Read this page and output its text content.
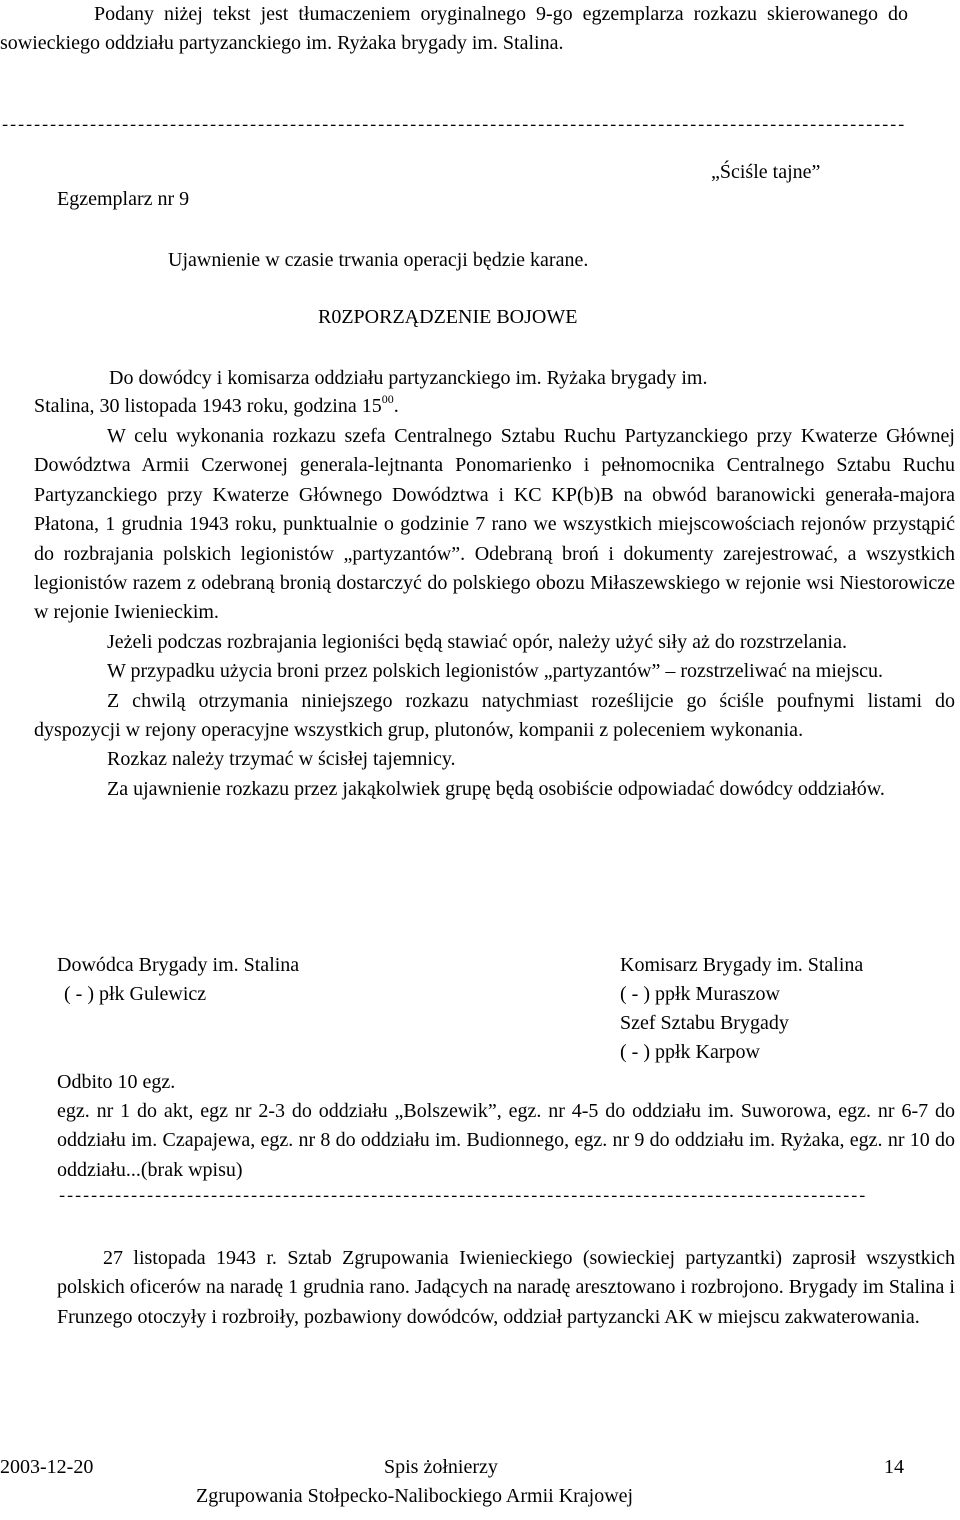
Podany niżej tekst jest tłumaczeniem oryginalnego 9-go egzemplarza rozkazu skierowanego do sowieckiego oddziału partyzanckiego im. Ryżaka brygady im. Stalina.
-----------------------------------------------------------------------------------------------------------------
Egzemplarz nr 9
„Ściśle tajne”
Ujawnienie w czasie trwania operacji będzie karane.
R0ZPORZĄDZENIE BOJOWE
Do dowódcy i komisarza oddziału partyzanckiego im. Ryżaka brygady im.
Stalina, 30 listopada 1943 roku, godzina $15^{00}$.

W celu wykonania rozkazu szefa Centralnego Sztabu Ruchu Partyzanckiego przy Kwaterze Głównej Dowództwa Armii Czerwonej generala-lejtnanta Ponomarienko i pełnomocnika Centralnego Sztabu Ruchu Partyzanckiego przy Kwaterze Głównego Dowództwa i KC KP(b)B na obwód baranowicki generała-majora Płatona, 1 grudnia 1943 roku, punktualnie o godzinie 7 rano we wszystkich miejscowościach rejonów przystąpić do rozbrajania polskich legionistów „partyzantów”. Odebraną broń i dokumenty zarejestrować, a wszystkich legionistów razem z odebraną bronią dostarczyć do polskiego obozu Miłaszewskiego w rejonie wsi Niestorowicze w rejonie Iwienieckim.

Jeżeli podczas rozbrajania legioniści będą stawiać opór, należy użyć siły aż do rozstrzelania.

W przypadku użycia broni przez polskich legionistów „partyzantów” – rozstrzeliwać na miejscu.

Z chwilą otrzymania niniejszego rozkazu natychmiast roześlijcie go ściśle poufnymi listami do dyspozycji w rejony operacyjne wszystkich grup, plutonów, kompanii z poleceniem wykonania.

Rozkaz należy trzymać w ścisłej tajemnicy.

Za ujawnienie rozkazu przez jakąkolwiek grupę będą osobiście odpowiadać dowódcy oddziałów.

Dowódca Brygady im. Stalina
( - ) płk Gulewicz
Komisarz Brygady im. Stalina
( - ) ppłk Muraszow
Szef Sztabu Brygady
( - ) ppłk Karpow
Odbito 10 egz.
egz. nr 1 do akt, egz nr 2-3 do oddziału „Bolszewik”, egz. nr 4-5 do oddziału im. Suworowa, egz. nr 6-7 do oddziału im. Czapajewa, egz. nr 8 do oddziału im. Budionnego, egz. nr 9 do oddziału im. Ryżaka, egz. nr 10 do oddziału...(brak wpisu)
-----------------------------------------------------------------------------------------------------
27 listopada 1943 r. Sztab Zgrupowania Iwienieckiego (sowieckiej partyzantki) zaprosił wszystkich polskich oficerów na naradę 1 grudnia rano. Jadących na naradę aresztowano i rozbrojono. Brygady im Stalina i Frunzego otoczyły i rozbroiły, pozbawiony dowódców, oddział partyzancki AK w miejscu zakwaterowania.
2003-12-20	Spis żołnierzy	14
Zgrupowania Stołpecko-Nalibockiego Armii Krajowej
